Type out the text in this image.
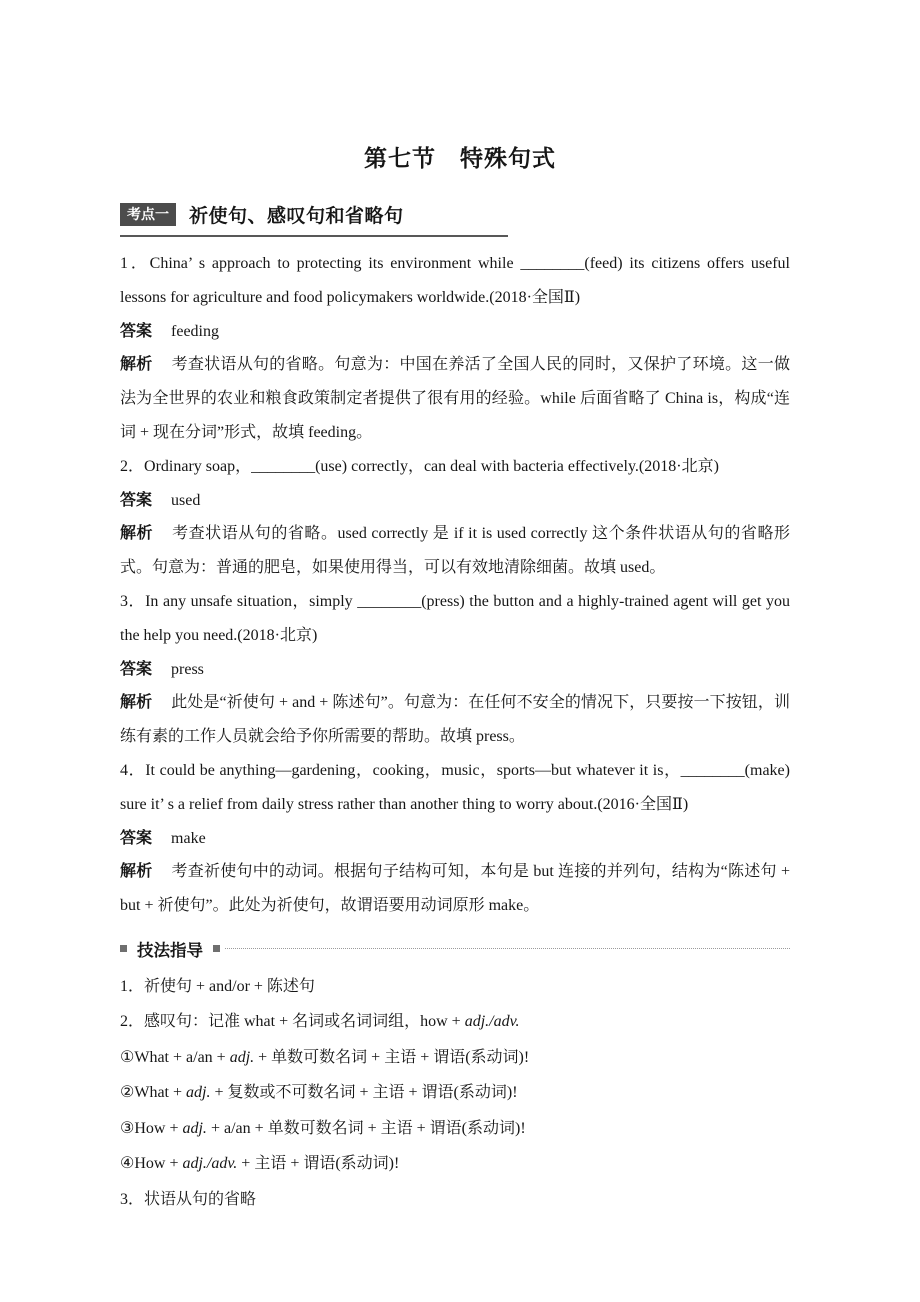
第七节　特殊句式
考点一	祈使句、感叹句和省略句

1．China’ s approach to protecting its environment while ________(feed) its citizens offers useful lessons for agriculture and food policymakers worldwide.(2018·全国Ⅱ)

答案 feeding

解析 考查状语从句的省略。句意为：中国在养活了全国人民的同时，又保护了环境。这一做法为全世界的农业和粮食政策制定者提供了很有用的经验。while 后面省略了 China is，构成“连词 + 现在分词”形式，故填 feeding。

2．Ordinary soap，________(use) correctly，can deal with bacteria effectively.(2018·北京)

答案 used

解析 考查状语从句的省略。used correctly 是 if it is used correctly 这个条件状语从句的省略形式。句意为：普通的肥皂，如果使用得当，可以有效地清除细菌。故填 used。

3．In any unsafe situation，simply ________(press) the button and a highly-trained agent will get you the help you need.(2018·北京)

答案 press

解析 此处是“祈使句 + and + 陈述句”。句意为：在任何不安全的情况下，只要按一下按钮，训练有素的工作人员就会给予你所需要的帮助。故填 press。

4．It could be anything—gardening，cooking，music，sports—but whatever it is，________(make) sure it’ s a relief from daily stress rather than another thing to worry about.(2016·全国Ⅱ)

答案 make

解析 考查祈使句中的动词。根据句子结构可知，本句是 but 连接的并列句，结构为“陈述句 + but + 祈使句”。此处为祈使句，故谓语要用动词原形 make。

技法指导
1．祈使句 + and/or + 陈述句
2．感叹句：记准 what + 名词或名词词组，how + adj./adv.
①What + a/an + adj. + 单数可数名词 + 主语 + 谓语(系动词)!
②What + adj. + 复数或不可数名词 + 主语 + 谓语(系动词)!
③How + adj. + a/an + 单数可数名词 + 主语 + 谓语(系动词)!
④How + adj./adv. + 主语 + 谓语(系动词)!
3．状语从句的省略
